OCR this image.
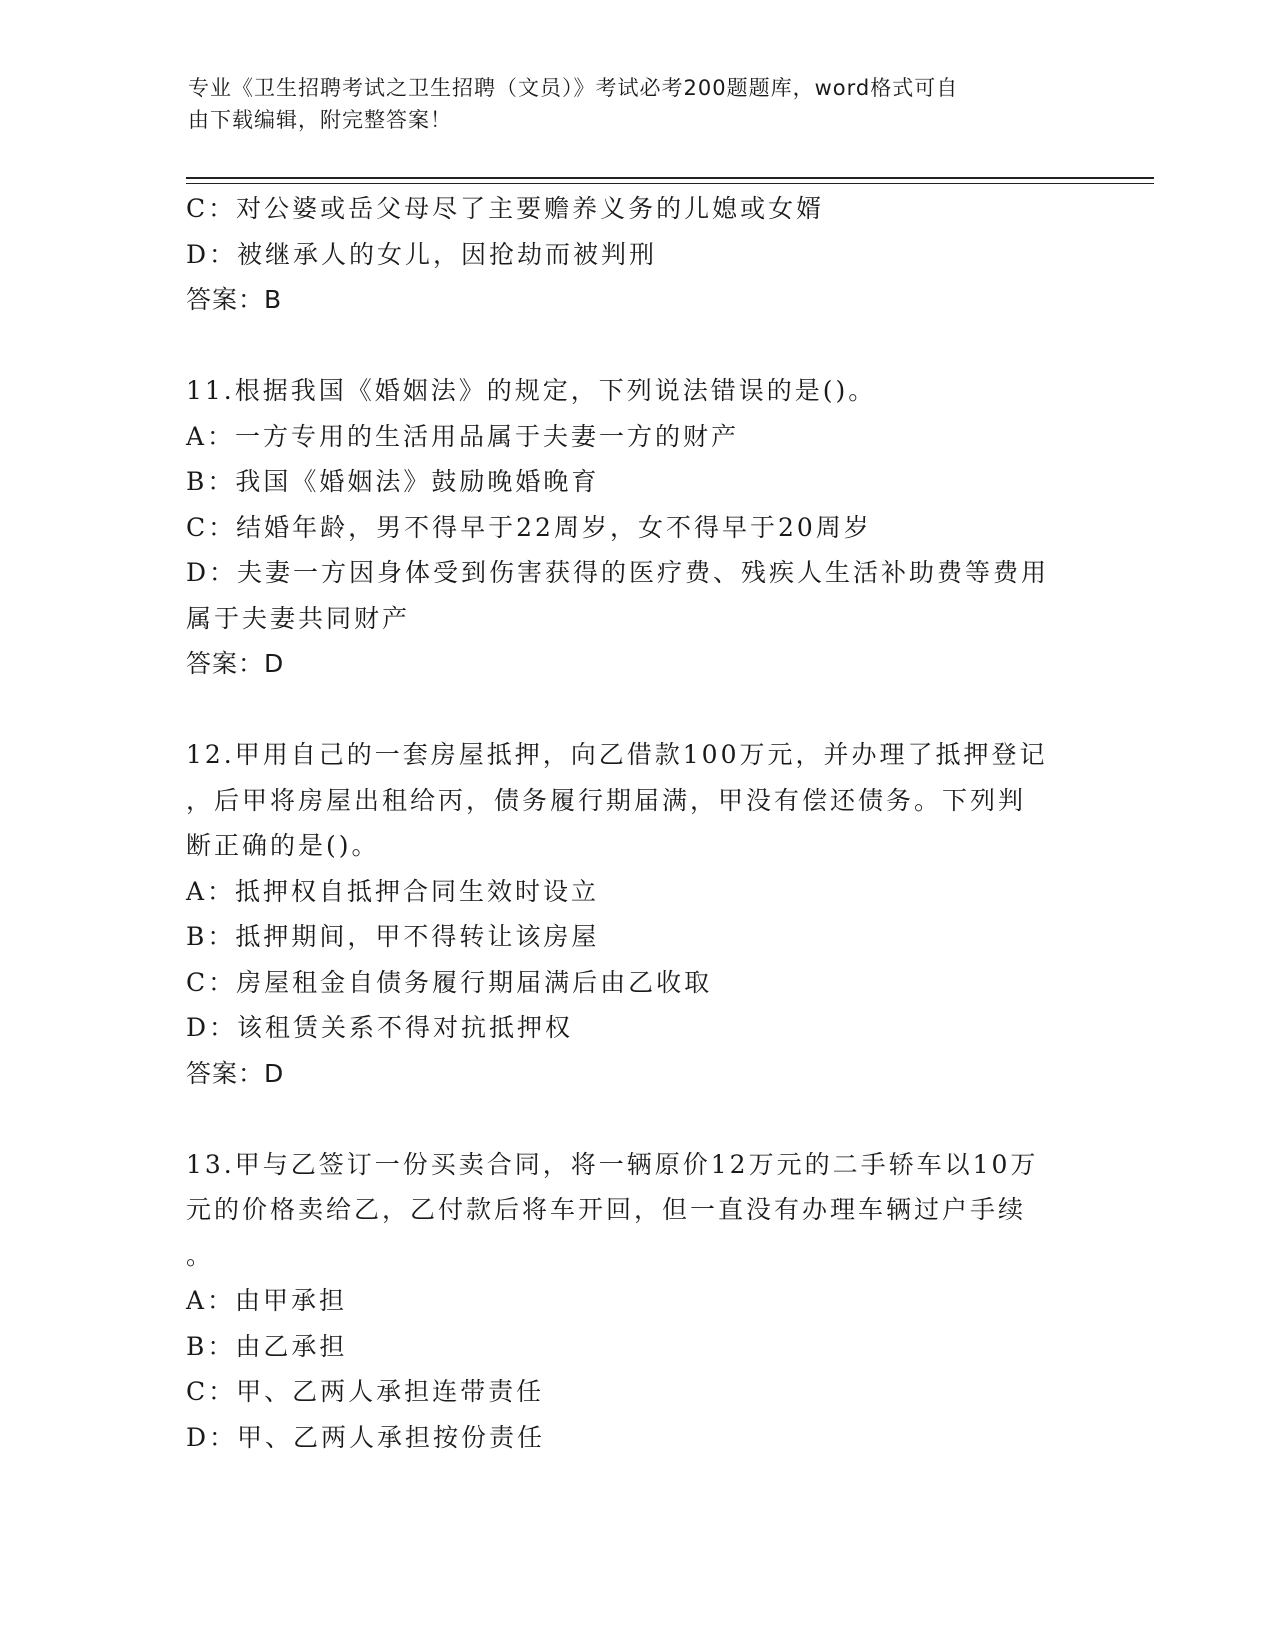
专业《卫生招聘考试之卫生招聘（文员）》考试必考200题题库，word格式可自
由下载编辑，附完整答案！
C：对公婆或岳父母尽了主要赡养义务的儿媳或女婿
D：被继承人的女儿，因抢劫而被判刑
答案：B
11.根据我国《婚姻法》的规定，下列说法错误的是()。
A：一方专用的生活用品属于夫妻一方的财产
B：我国《婚姻法》鼓励晚婚晚育
C：结婚年龄，男不得早于22周岁，女不得早于20周岁
D：夫妻一方因身体受到伤害获得的医疗费、残疾人生活补助费等费用
属于夫妻共同财产
答案：D
12.甲用自己的一套房屋抵押，向乙借款100万元，并办理了抵押登记
，后甲将房屋出租给丙，债务履行期届满，甲没有偿还债务。下列判
断正确的是()。
A：抵押权自抵押合同生效时设立
B：抵押期间，甲不得转让该房屋
C：房屋租金自债务履行期届满后由乙收取
D：该租赁关系不得对抗抵押权
答案：D
13.甲与乙签订一份买卖合同，将一辆原价12万元的二手轿车以10万
元的价格卖给乙，乙付款后将车开回，但一直没有办理车辆过户手续
。
A：由甲承担
B：由乙承担
C：甲、乙两人承担连带责任
D：甲、乙两人承担按份责任
